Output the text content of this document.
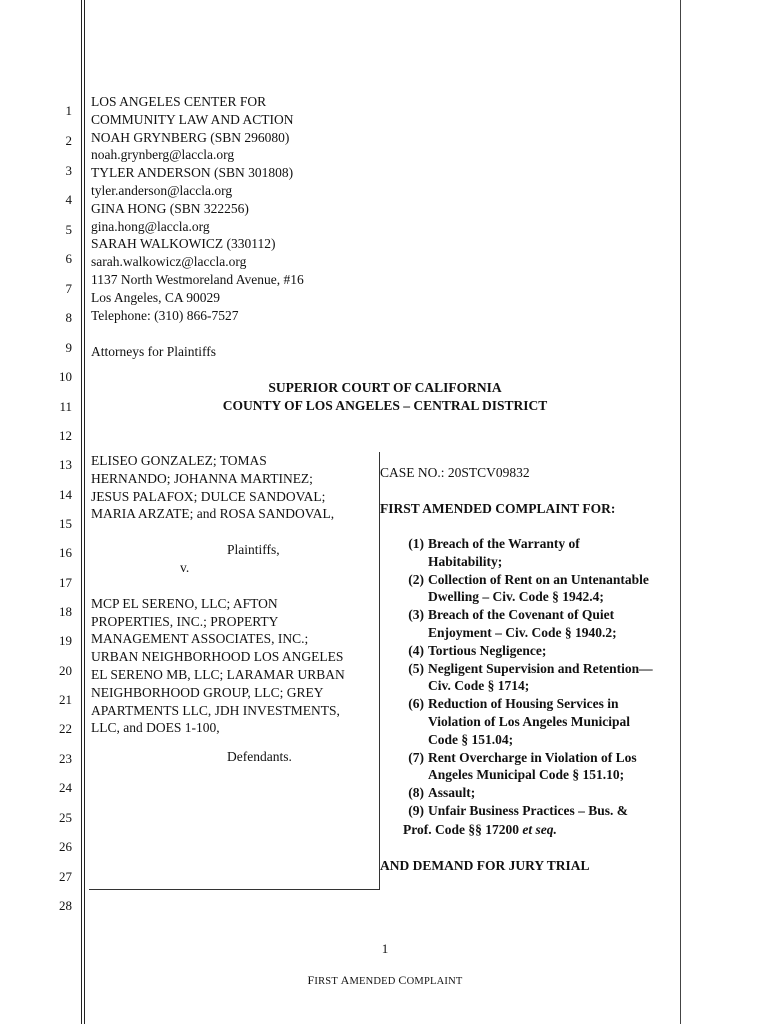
1
2
3
4
5
6
7
8
9
10
11
12
13
14
15
16
17
18
19
20
21
22
23
24
25
26
27
28
LOS ANGELES CENTER FOR
COMMUNITY LAW AND ACTION
NOAH GRYNBERG (SBN 296080)
noah.grynberg@laccla.org
TYLER ANDERSON (SBN 301808)
tyler.anderson@laccla.org
GINA HONG (SBN 322256)
gina.hong@laccla.org
SARAH WALKOWICZ (330112)
sarah.walkowicz@laccla.org
1137 North Westmoreland Avenue, #16
Los Angeles, CA 90029
Telephone: (310) 866-7527
Attorneys for Plaintiffs
SUPERIOR COURT OF CALIFORNIA
COUNTY OF LOS ANGELES – CENTRAL DISTRICT
ELISEO GONZALEZ; TOMAS
HERNANDO; JOHANNA MARTINEZ;
JESUS PALAFOX; DULCE SANDOVAL;
MARIA ARZATE; and ROSA SANDOVAL,
Plaintiffs,
v.
MCP EL SERENO, LLC; AFTON
PROPERTIES, INC.; PROPERTY
MANAGEMENT ASSOCIATES, INC.;
URBAN NEIGHBORHOOD LOS ANGELES
EL SERENO MB, LLC; LARAMAR URBAN
NEIGHBORHOOD GROUP, LLC; GREY
APARTMENTS LLC, JDH INVESTMENTS,
LLC, and DOES 1-100,
Defendants.
CASE NO.: 20STCV09832
FIRST AMENDED COMPLAINT FOR:
(1) Breach of the Warranty of
Habitability;
(2) Collection of Rent on an Untenantable
Dwelling – Civ. Code § 1942.4;
(3) Breach of the Covenant of Quiet
Enjoyment – Civ. Code § 1940.2;
(4) Tortious Negligence;
(5) Negligent Supervision and Retention—
Civ. Code § 1714;
(6) Reduction of Housing Services in
Violation of Los Angeles Municipal
Code § 151.04;
(7) Rent Overcharge in Violation of Los
Angeles Municipal Code § 151.10;
(8) Assault;
(9) Unfair Business Practices – Bus. &
Prof. Code §§ 17200 et seq.
AND DEMAND FOR JURY TRIAL
1
FIRST AMENDED COMPLAINT
